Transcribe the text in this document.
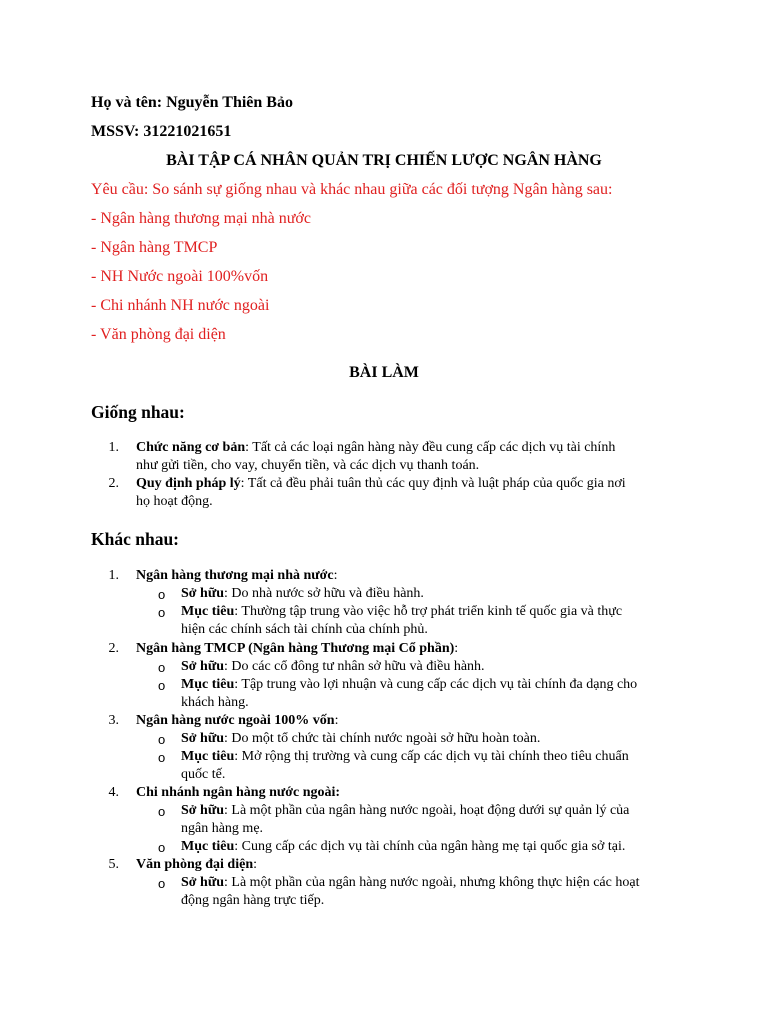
Họ và tên: Nguyễn Thiên Bảo
MSSV: 31221021651
BÀI TẬP CÁ NHÂN QUẢN TRỊ CHIẾN LƯỢC NGÂN HÀNG
Yêu cầu: So sánh sự giống nhau và khác nhau giữa các đối tượng Ngân hàng sau:
- Ngân hàng thương mại nhà nước
- Ngân hàng TMCP
- NH Nước ngoài 100%vốn
- Chi nhánh NH nước ngoài
- Văn phòng đại diện
BÀI LÀM
Giống nhau:
1. Chức năng cơ bản: Tất cả các loại ngân hàng này đều cung cấp các dịch vụ tài chính
như gửi tiền, cho vay, chuyển tiền, và các dịch vụ thanh toán.
2. Quy định pháp lý: Tất cả đều phải tuân thủ các quy định và luật pháp của quốc gia nơi
họ hoạt động.
Khác nhau:
1. Ngân hàng thương mại nhà nước:
o Sở hữu: Do nhà nước sở hữu và điều hành.
o Mục tiêu: Thường tập trung vào việc hỗ trợ phát triển kinh tế quốc gia và thực
hiện các chính sách tài chính của chính phủ.
2. Ngân hàng TMCP (Ngân hàng Thương mại Cổ phần):
o Sở hữu: Do các cổ đông tư nhân sở hữu và điều hành.
o Mục tiêu: Tập trung vào lợi nhuận và cung cấp các dịch vụ tài chính đa dạng cho
khách hàng.
3. Ngân hàng nước ngoài 100% vốn:
o Sở hữu: Do một tổ chức tài chính nước ngoài sở hữu hoàn toàn.
o Mục tiêu: Mở rộng thị trường và cung cấp các dịch vụ tài chính theo tiêu chuẩn
quốc tế.
4. Chi nhánh ngân hàng nước ngoài:
o Sở hữu: Là một phần của ngân hàng nước ngoài, hoạt động dưới sự quản lý của
ngân hàng mẹ.
o Mục tiêu: Cung cấp các dịch vụ tài chính của ngân hàng mẹ tại quốc gia sở tại.
5. Văn phòng đại diện:
o Sở hữu: Là một phần của ngân hàng nước ngoài, nhưng không thực hiện các hoạt
động ngân hàng trực tiếp.
